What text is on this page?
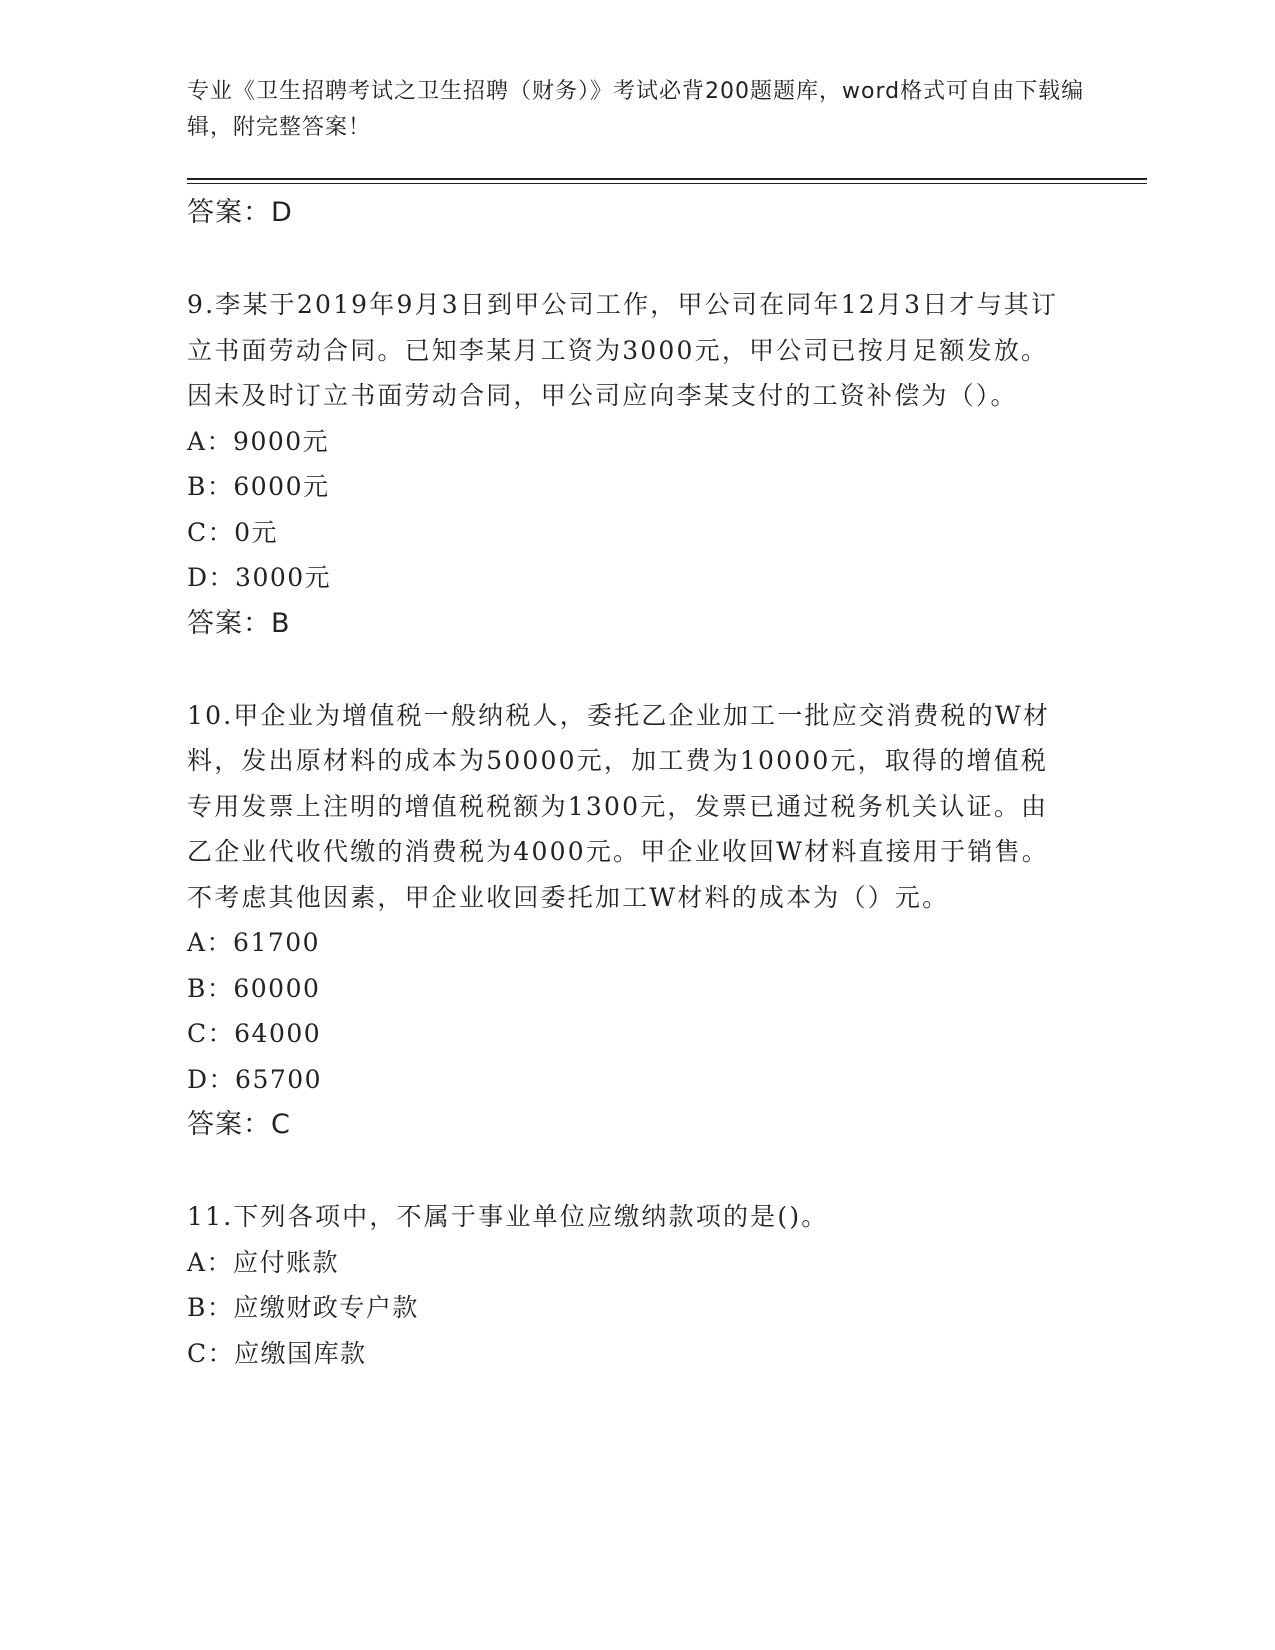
专业《卫生招聘考试之卫生招聘（财务）》考试必背200题题库，word格式可自由下载编辑，附完整答案！

答案：D

9.李某于2019年9月3日到甲公司工作，甲公司在同年12月3日才与其订立书面劳动合同。已知李某月工资为3000元，甲公司已按月足额发放。因未及时订立书面劳动合同，甲公司应向李某支付的工资补偿为（）。

A：9000元

B：6000元

C：0元

D：3000元

答案：B

10.甲企业为增值税一般纳税人，委托乙企业加工一批应交消费税的W材料，发出原材料的成本为50000元，加工费为10000元，取得的增值税专用发票上注明的增值税税额为1300元，发票已通过税务机关认证。由乙企业代收代缴的消费税为4000元。甲企业收回W材料直接用于销售。不考虑其他因素，甲企业收回委托加工W材料的成本为（）元。

A：61700

B：60000

C：64000

D：65700

答案：C

11.下列各项中，不属于事业单位应缴纳款项的是()。

A：应付账款

B：应缴财政专户款

C：应缴国库款
